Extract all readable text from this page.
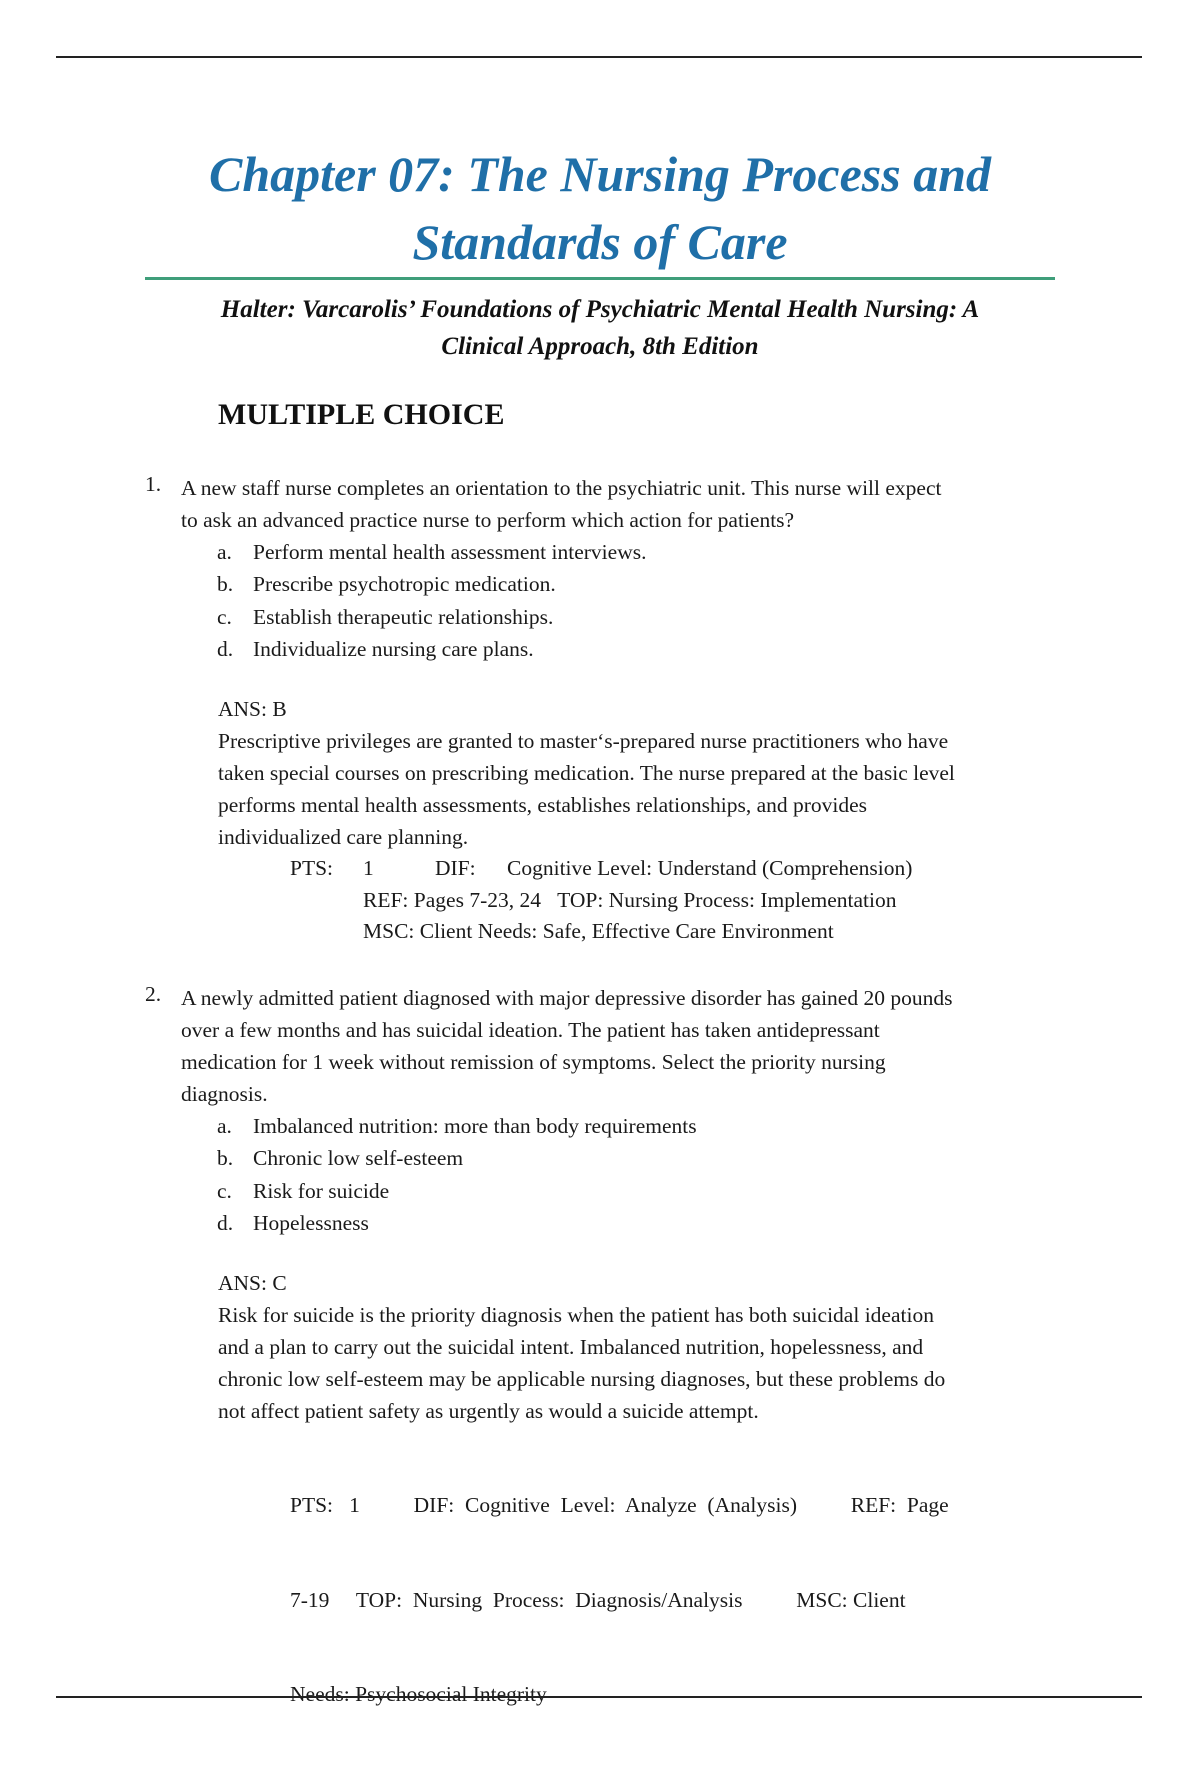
Chapter 07: The Nursing Process and
Standards of Care

Halter: Varcarolis’ Foundations of Psychiatric Mental Health Nursing: A
Clinical Approach, 8th Edition

MULTIPLE CHOICE
1. A new staff nurse completes an orientation to the psychiatric unit. This nurse will expect
to ask an advanced practice nurse to perform which action for patients?

a. Perform mental health assessment interviews.
b. Prescribe psychotropic medication.
c. Establish therapeutic relationships.
d. Individualize nursing care plans.
ANS: B
Prescriptive privileges are granted to master‘s-prepared nurse practitioners who have
taken special courses on prescribing medication. The nurse prepared at the basic level
performs mental health assessments, establishes relationships, and provides
individualized care planning.
PTS: 1	DIF: Cognitive Level: Understand (Comprehension)
REF: Pages 7-23, 24 TOP: Nursing Process: Implementation
MSC: Client Needs: Safe, Effective Care Environment
2. A newly admitted patient diagnosed with major depressive disorder has gained 20 pounds
over a few months and has suicidal ideation. The patient has taken antidepressant
medication for 1 week without remission of symptoms. Select the priority nursing
diagnosis.

a. Imbalanced nutrition: more than body requirements
b. Chronic low self-esteem
c. Risk for suicide
d. Hopelessness
ANS: C
Risk for suicide is the priority diagnosis when the patient has both suicidal ideation
and a plan to carry out the suicidal intent. Imbalanced nutrition, hopelessness, and
chronic low self-esteem may be applicable nursing diagnoses, but these problems do
not affect patient safety as urgently as would a suicide attempt.

PTS:   1          DIF:  Cognitive  Level:  Analyze  (Analysis)          REF:  Page

7-19     TOP:  Nursing  Process:  Diagnosis/Analysis          MSC: Client

Needs: Psychosocial Integrity
